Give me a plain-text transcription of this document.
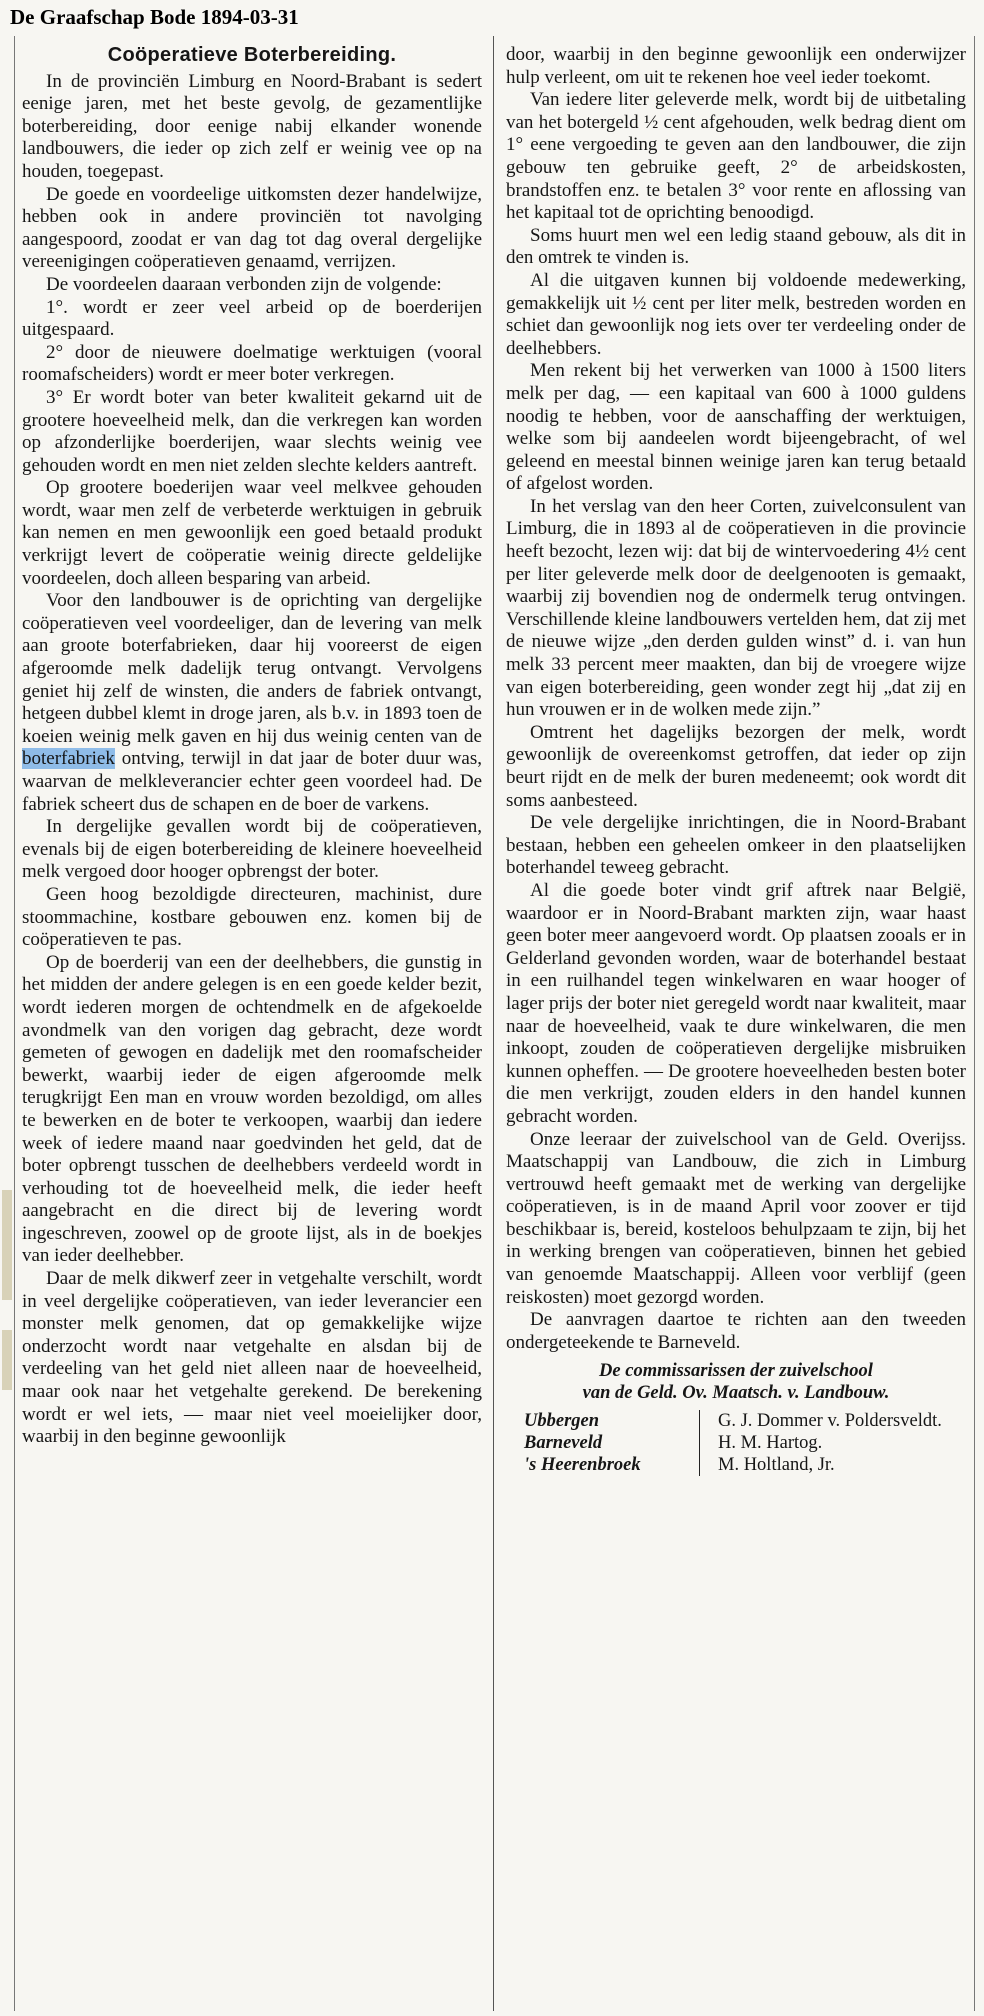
De Graafschap Bode 1894-03-31
Coöperatieve Boterbereiding.

In de provinciën Limburg en Noord-Brabant is sedert eenige jaren, met het beste gevolg, de gezamentlijke boterbereiding, door eenige nabij elkander wonende landbouwers, die ieder op zich zelf er weinig vee op na houden, toegepast.

De goede en voordeelige uitkomsten dezer handelwijze, hebben ook in andere provinciën tot navolging aangespoord, zoodat er van dag tot dag overal dergelijke vereenigingen coöperatieven genaamd, verrijzen.

De voordeelen daaraan verbonden zijn de volgende:

1°. wordt er zeer veel arbeid op de boerderijen uitgespaard.

2° door de nieuwere doelmatige werktuigen (vooral roomafscheiders) wordt er meer boter verkregen.

3° Er wordt boter van beter kwaliteit gekarnd uit de grootere hoeveelheid melk, dan die verkregen kan worden op afzonderlijke boerderijen, waar slechts weinig vee gehouden wordt en men niet zelden slechte kelders aantreft.

Op grootere boederijen waar veel melkvee gehouden wordt, waar men zelf de verbeterde werktuigen in gebruik kan nemen en men gewoonlijk een goed betaald produkt verkrijgt levert de coöperatie weinig directe geldelijke voordeelen, doch alleen besparing van arbeid.

Voor den landbouwer is de oprichting van dergelijke coöperatieven veel voordeeliger, dan de levering van melk aan groote boterfabrieken, daar hij vooreerst de eigen afgeroomde melk dadelijk terug ontvangt. Vervolgens geniet hij zelf de winsten, die anders de fabriek ontvangt, hetgeen dubbel klemt in droge jaren, als b.v. in 1893 toen de koeien weinig melk gaven en hij dus weinig centen van de boterfabriek ontving, terwijl in dat jaar de boter duur was, waarvan de melkleverancier echter geen voordeel had. De fabriek scheert dus de schapen en de boer de varkens.

In dergelijke gevallen wordt bij de coöperatieven, evenals bij de eigen boterbereiding de kleinere hoeveelheid melk vergoed door hooger opbrengst der boter.

Geen hoog bezoldigde directeuren, machinist, dure stoommachine, kostbare gebouwen enz. komen bij de coöperatieven te pas.

Op de boerderij van een der deelhebbers, die gunstig in het midden der andere gelegen is en een goede kelder bezit, wordt iederen morgen de ochtendmelk en de afgekoelde avondmelk van den vorigen dag gebracht, deze wordt gemeten of gewogen en dadelijk met den roomafscheider bewerkt, waarbij ieder de eigen afgeroomde melk terugkrijgt Een man en vrouw worden bezoldigd, om alles te bewerken en de boter te verkoopen, waarbij dan iedere week of iedere maand naar goedvinden het geld, dat de boter opbrengt tusschen de deelhebbers verdeeld wordt in verhouding tot de hoeveelheid melk, die ieder heeft aangebracht en die direct bij de levering wordt ingeschreven, zoowel op de groote lijst, als in de boekjes van ieder deelhebber.

Daar de melk dikwerf zeer in vetgehalte verschilt, wordt in veel dergelijke coöperatieven, van ieder leverancier een monster melk genomen, dat op gemakkelijke wijze onderzocht wordt naar vetgehalte en alsdan bij de verdeeling van het geld niet alleen naar de hoeveelheid, maar ook naar het vetgehalte gerekend. De berekening wordt er wel iets, — maar niet veel moeielijker door, waarbij in den beginne gewoonlijk

door, waarbij in den beginne gewoonlijk een onderwijzer hulp verleent, om uit te rekenen hoe veel ieder toekomt.

Van iedere liter geleverde melk, wordt bij de uitbetaling van het botergeld ½ cent afgehouden, welk bedrag dient om 1° eene vergoeding te geven aan den landbouwer, die zijn gebouw ten gebruike geeft, 2° de arbeidskosten, brandstoffen enz. te betalen 3° voor rente en aflossing van het kapitaal tot de oprichting benoodigd.

Soms huurt men wel een ledig staand gebouw, als dit in den omtrek te vinden is.

Al die uitgaven kunnen bij voldoende medewerking, gemakkelijk uit ½ cent per liter melk, bestreden worden en schiet dan gewoonlijk nog iets over ter verdeeling onder de deelhebbers.

Men rekent bij het verwerken van 1000 à 1500 liters melk per dag, — een kapitaal van 600 à 1000 guldens noodig te hebben, voor de aanschaffing der werktuigen, welke som bij aandeelen wordt bijeengebracht, of wel geleend en meestal binnen weinige jaren kan terug betaald of afgelost worden.

In het verslag van den heer Corten, zuivelconsulent van Limburg, die in 1893 al de coöperatieven in die provincie heeft bezocht, lezen wij: dat bij de wintervoedering 4½ cent per liter geleverde melk door de deelgenooten is gemaakt, waarbij zij bovendien nog de ondermelk terug ontvingen. Verschillende kleine landbouwers vertelden hem, dat zij met de nieuwe wijze „den derden gulden winst” d. i. van hun melk 33 percent meer maakten, dan bij de vroegere wijze van eigen boterbereiding, geen wonder zegt hij „dat zij en hun vrouwen er in de wolken mede zijn.”

Omtrent het dagelijks bezorgen der melk, wordt gewoonlijk de overeenkomst getroffen, dat ieder op zijn beurt rijdt en de melk der buren medeneemt; ook wordt dit soms aanbesteed.

De vele dergelijke inrichtingen, die in Noord-Brabant bestaan, hebben een geheelen omkeer in den plaatselijken boterhandel teweeg gebracht.

Al die goede boter vindt grif aftrek naar België, waardoor er in Noord-Brabant markten zijn, waar haast geen boter meer aangevoerd wordt. Op plaatsen zooals er in Gelderland gevonden worden, waar de boterhandel bestaat in een ruilhandel tegen winkelwaren en waar hooger of lager prijs der boter niet geregeld wordt naar kwaliteit, maar naar de hoeveelheid, vaak te dure winkelwaren, die men inkoopt, zouden de coöperatieven dergelijke misbruiken kunnen opheffen. — De grootere hoeveelheden besten boter die men verkrijgt, zouden elders in den handel kunnen gebracht worden.

Onze leeraar der zuivelschool van de Geld. Overijss. Maatschappij van Landbouw, die zich in Limburg vertrouwd heeft gemaakt met de werking van dergelijke coöperatieven, is in de maand April voor zoover er tijd beschikbaar is, bereid, kosteloos behulpzaam te zijn, bij het in werking brengen van coöperatieven, binnen het gebied van genoemde Maatschappij. Alleen voor verblijf (geen reiskosten) moet gezorgd worden.

De aanvragen daartoe te richten aan den tweeden ondergeteekende te Barneveld.

De commissarissen der zuivelschool
van de Geld. Ov. Maatsch. v. Landbouw.
Ubbergen		G. J. Dommer v. Poldersveldt.
Barneveld		H. M. Hartog.
's Heerenbroek		M. Holtland, Jr.
